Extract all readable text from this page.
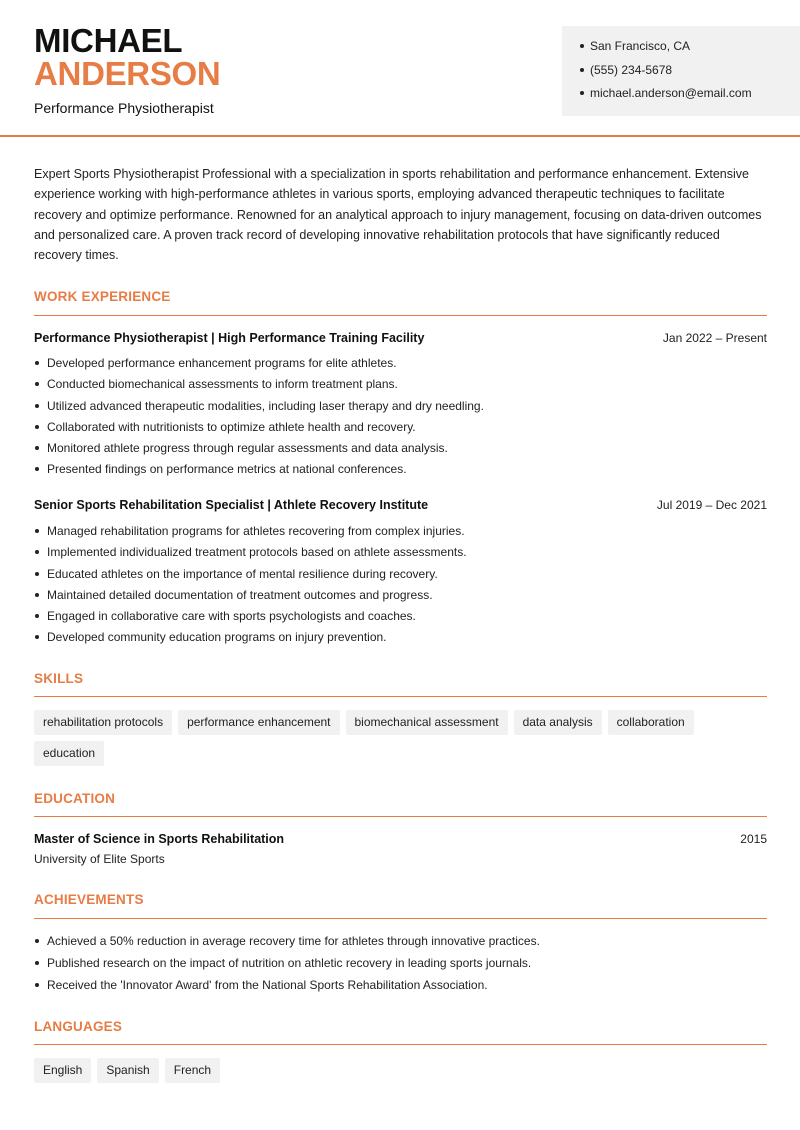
MICHAEL
ANDERSON
Performance Physiotherapist
San Francisco, CA
(555) 234-5678
michael.anderson@email.com
Expert Sports Physiotherapist Professional with a specialization in sports rehabilitation and performance enhancement. Extensive experience working with high-performance athletes in various sports, employing advanced therapeutic techniques to facilitate recovery and optimize performance. Renowned for an analytical approach to injury management, focusing on data-driven outcomes and personalized care. A proven track record of developing innovative rehabilitation protocols that have significantly reduced recovery times.
WORK EXPERIENCE
Performance Physiotherapist | High Performance Training Facility	Jan 2022 – Present
Developed performance enhancement programs for elite athletes.
Conducted biomechanical assessments to inform treatment plans.
Utilized advanced therapeutic modalities, including laser therapy and dry needling.
Collaborated with nutritionists to optimize athlete health and recovery.
Monitored athlete progress through regular assessments and data analysis.
Presented findings on performance metrics at national conferences.
Senior Sports Rehabilitation Specialist | Athlete Recovery Institute	Jul 2019 – Dec 2021
Managed rehabilitation programs for athletes recovering from complex injuries.
Implemented individualized treatment protocols based on athlete assessments.
Educated athletes on the importance of mental resilience during recovery.
Maintained detailed documentation of treatment outcomes and progress.
Engaged in collaborative care with sports psychologists and coaches.
Developed community education programs on injury prevention.
SKILLS
rehabilitation protocols performance enhancement biomechanical assessment data analysis collaboration
education
EDUCATION
Master of Science in Sports Rehabilitation	2015
University of Elite Sports
ACHIEVEMENTS
Achieved a 50% reduction in average recovery time for athletes through innovative practices.
Published research on the impact of nutrition on athletic recovery in leading sports journals.
Received the 'Innovator Award' from the National Sports Rehabilitation Association.
LANGUAGES
English Spanish French
